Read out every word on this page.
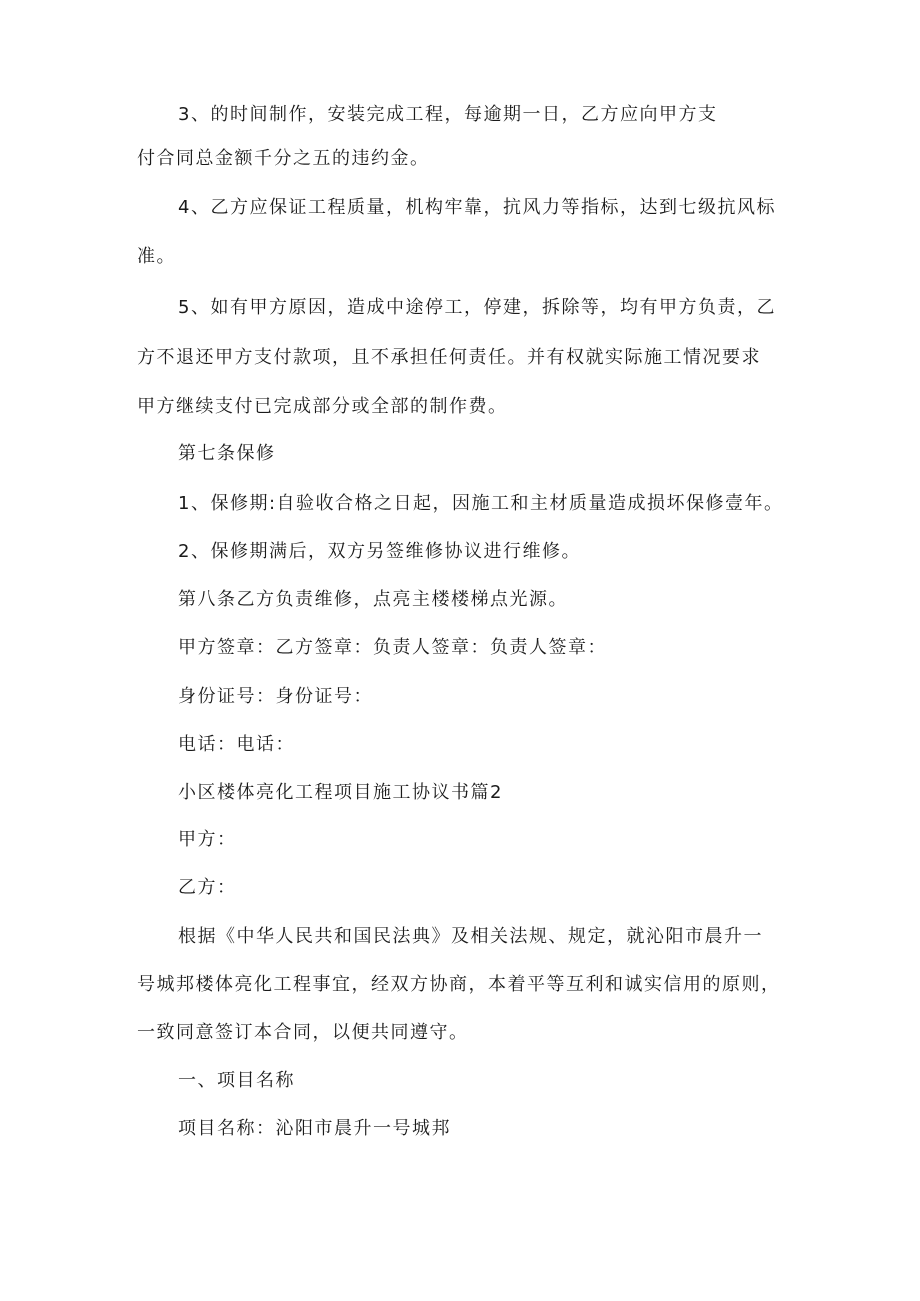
3、的时间制作，安装完成工程，每逾期一日，乙方应向甲方支
付合同总金额千分之五的违约金。
4、乙方应保证工程质量，机构牢靠，抗风力等指标，达到七级抗风标
准。
5、如有甲方原因，造成中途停工，停建，拆除等，均有甲方负责，乙
方不退还甲方支付款项，且不承担任何责任。并有权就实际施工情况要求
甲方继续支付已完成部分或全部的制作费。
第七条保修
1、保修期:自验收合格之日起，因施工和主材质量造成损坏保修壹年。
2、保修期满后，双方另签维修协议进行维修。
第八条乙方负责维修，点亮主楼楼梯点光源。
甲方签章：乙方签章：负责人签章：负责人签章：
身份证号：身份证号：
电话：电话：
小区楼体亮化工程项目施工协议书篇2
甲方：
乙方：
根据《中华人民共和国民法典》及相关法规、规定，就沁阳市晨升一
号城邦楼体亮化工程事宜，经双方协商，本着平等互利和诚实信用的原则，
一致同意签订本合同，以便共同遵守。
一、项目名称
项目名称：沁阳市晨升一号城邦
